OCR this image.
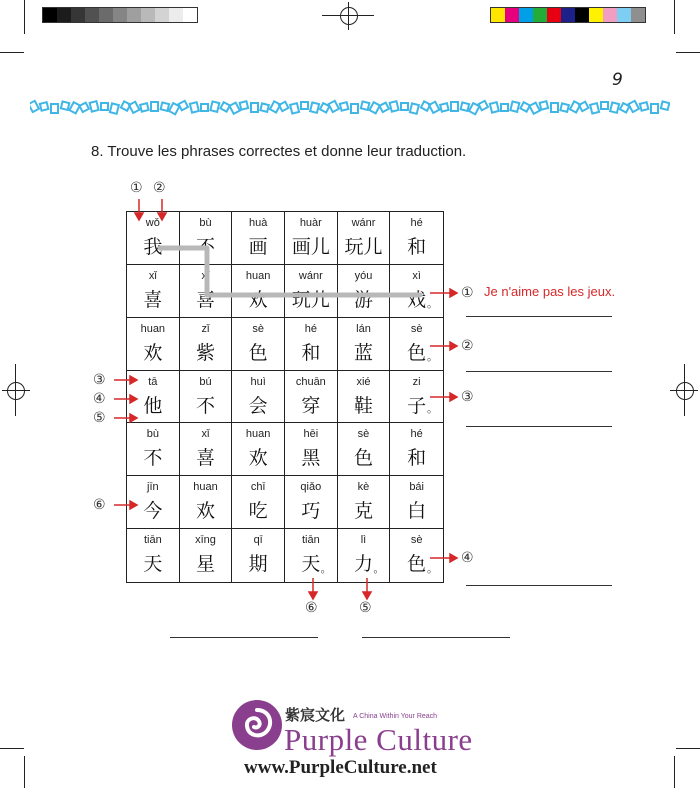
9
8. Trouve les phrases correctes et donne leur traduction.
wǒ
我
bù
不
huà
画
huàr
画儿
wánr
玩儿
hé
和
xǐ
喜
xǐ
喜
huan
欢
wánr
玩儿
yóu
游
xì
戏 。
huan
欢
zǐ
紫
sè
色
hé
和
lán
蓝
sè
色 。
tā
他
bú
不
huì
会
chuān
穿
xié
鞋
zi
子 。
bù
不
xǐ
喜
huan
欢
hēi
黑
sè
色
hé
和
jīn
今
huan
欢
chī
吃
qiǎo
巧
kè
克
bái
白
tiān
天
xīng
星
qī
期
tiān
天 。
lì
力 。
sè
色 。
① ②
③
④
⑤
⑥
①
②
③
④
⑥	⑤
Je n'aime pas les jeux.
紫宸文化 A China Within Your Reach
Purple Culture
www.PurpleCulture.net
